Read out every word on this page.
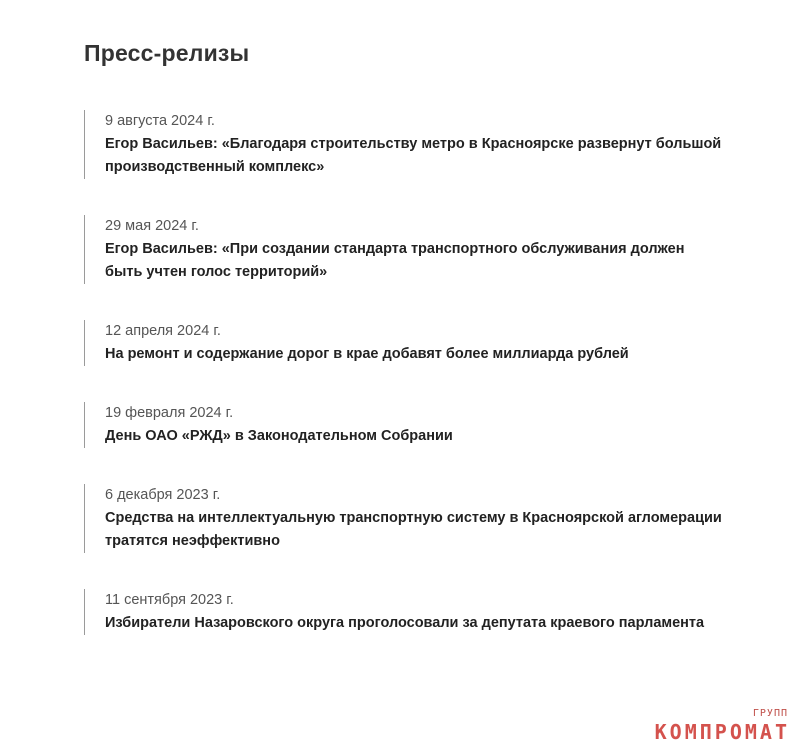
Пресс-релизы
9 августа 2024 г.
Егор Васильев: «Благодаря строительству метро в Красноярске развернут большой производственный комплекс»
29 мая 2024 г.
Егор Васильев: «При создании стандарта транспортного обслуживания должен быть учтен голос территорий»
12 апреля 2024 г.
На ремонт и содержание дорог в крае добавят более миллиарда рублей
19 февраля 2024 г.
День ОАО «РЖД» в Законодательном Собрании
6 декабря 2023 г.
Средства на интеллектуальную транспортную систему в Красноярской агломерации тратятся неэффективно
11 сентября 2023 г.
Избиратели Назаровского округа проголосовали за депутата краевого парламента
ГРУПП
КОМПРОМАТ
